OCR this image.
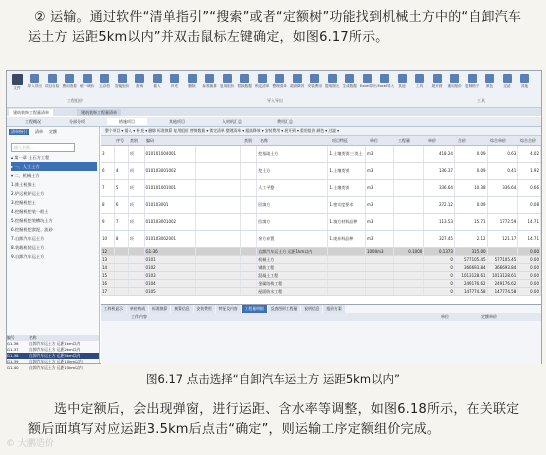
② 运输。通过软件“清单指引”“搜索”或者“定额树”功能找到机械土方中的“自卸汽车运土方 运距5km以内”并双击鼠标左键确定，如图6.17所示。
文件	导入导出 项目自检 费用查看 统一调价	云存档	智能组价	查询	插入	补充	删除	标准换算 复用组价 替换数据 锁定清单 整理清单 超高降效 安装费用 提取图元 生成数据 Excel导出 Excel导入	其他	工具	展开到	重用组价 复制格子	颜色	过滤	其他
工程组价	导入导出	工具
建筑装饰工程量清单	建筑装饰工程量清单
工程概况	分部分项	措施项目	其他项目	人材机汇总	费用汇总
清单指引	清单 定额
输入名称...
▴ 第一章 土石方工程
▸ 一、人工土方
▾ 二、机械土方
1.推土机推土
2.铲运机铲运土方
3.挖掘机挖土
4.挖掘机挖装一般土
5.挖掘机挖装槽坑土方
6.挖掘机挖淤泥、流砂
7.自卸汽车运土方
8.装载机装运土方
9.自卸汽车运土方
编号	名称
G1-36	自卸汽车运土方 运距1km以内
G1-37	自卸汽车运土方 运距2km以内
G1-38	自卸汽车运土方 运距5km以内
G1-39	自卸汽车运土方 运距10km以内
G1-40	自卸汽车运土方 运距15km以内
整个项目 ▾ 插入 ▾ 补充 ▾ 删除 标准换算 复用组价 替换数据 ▾ 锁定清单 整理清单 ▾ 超高降效 ▾ 安装费用 ▾ 展开到 ▾ 重用组价 颜色 ▾ 过滤 ▾
序号	类别	编码	类别	名称	项目特征	单位	工程量	单价	合价	综合单价	综合合价
3	项	010101004001	挖基础土方	1.土壤类别:三类土	m3	418.24	0.09	0.63	4.02
6	4	项	010103001002	挖土方	1.土壤类别	m3	136.37	0.09	0.41	1.92
7	5	项	010101001001	人工平整	1.土壤类别	m3	336.64	10.38	336.64	0.66
8	6	项	010103001	回填方	1.密实度要求	m3	272.12	0.09	0.08
9	7	项	010103001002	回填方	1.填方材料品种	m3	113.53	15.71	1772.59	14.71
10	8	项	010103002001	余方弃置	1.废弃料品种	m3	327.45	2.12	121.17	14.71
12	G1-36	自卸汽车运土方 运距1km以内	1000m3	0.1000	0.1373	315.00	0.00
13	0101	机械土方	0	577105.45	577105.45	0.00
14	0102	钢筋工程	0	366693.84	366693.84	0.00
15	0103	混凝土工程	0	1013128.61	1013128.61	0.00
16	0104	金属结构工程	0	249176.62	249176.62	0.00
17	0105	屋面防水工程	0	147774.58	147774.58	0.00
工料机显示 单价构成 标准换算 换算信息 安装费用 特征及内容 工程量明细 反查图形工程量 说明信息 组价方案
工作内容	单位	定额单价
图6.17 点击选择“自卸汽车运土方 运距5km以内”
选中定额后，会出现弹窗，进行运距、含水率等调整，如图6.18所示，在关联定额后面填写对应运距3.5km后点击“确定”，则运输工序定额组价完成。
© 大鹏造价
